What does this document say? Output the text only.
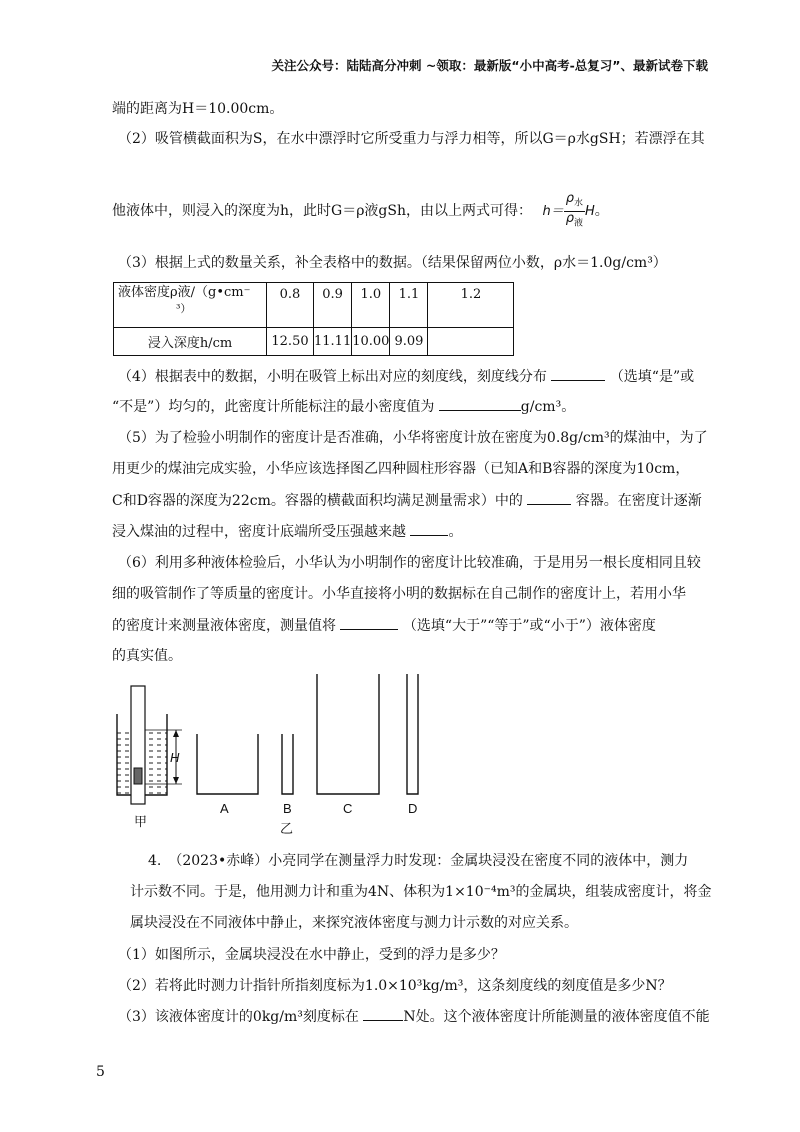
关注公众号：陆陆高分冲刺 ~领取：最新版“小中高考-总复习”、最新试卷下载
端的距离为H＝10.00cm。
（2）吸管横截面积为S，在水中漂浮时它所受重力与浮力相等，所以G＝ρ水gSH；若漂浮在其
他液体中，则浸入的深度为h，此时G＝ρ液gSh，由以上两式可得： $h= \frac{\rho_水}{\rho_液}$ H。
（3）根据上式的数量关系，补全表格中的数据。（结果保留两位小数，ρ水＝1.0g/cm³）
液体密度ρ液/（g•cm⁻
³）	0.8	0.9	1.0	1.1	1.2
浸入深度h/cm	12.50	11.11	10.00	9.09	
（4）根据表中的数据，小明在吸管上标出对应的刻度线，刻度线分布	（选填“是”或
“不是”）均匀的，此密度计所能标注的最小密度值为	g/cm³。
（5）为了检验小明制作的密度计是否准确，小华将密度计放在密度为0.8g/cm³的煤油中，为了
用更少的煤油完成实验，小华应该选择图乙四种圆柱形容器（已知A和B容器的深度为10cm，
C和D容器的深度为22cm。容器的横截面积均满足测量需求）中的	容器。在密度计逐渐
浸入煤油的过程中，密度计底端所受压强越来越	。
（6）利用多种液体检验后，小华认为小明制作的密度计比较准确，于是用另一根长度相同且较
细的吸管制作了等质量的密度计。小华直接将小明的数据标在自己制作的密度计上，若用小华
的密度计来测量液体密度，测量值将	（选填“大于”“等于”或“小于”）液体密度
的真实值。
H
甲
A	B
乙
C	D
4.　（2023•赤峰）小亮同学在测量浮力时发现：金属块浸没在密度不同的液体中，测力
计示数不同。于是，他用测力计和重为4N、体积为1×10⁻⁴m³的金属块，组装成密度计，将金
属块浸没在不同液体中静止，来探究液体密度与测力计示数的对应关系。
（1）如图所示，金属块浸没在水中静止，受到的浮力是多少？
（2）若将此时测力计指针所指刻度标为1.0×10³kg/m³，这条刻度线的刻度值是多少N？
（3）该液体密度计的0kg/m³刻度标在	N处。这个液体密度计所能测量的液体密度值不能
5
